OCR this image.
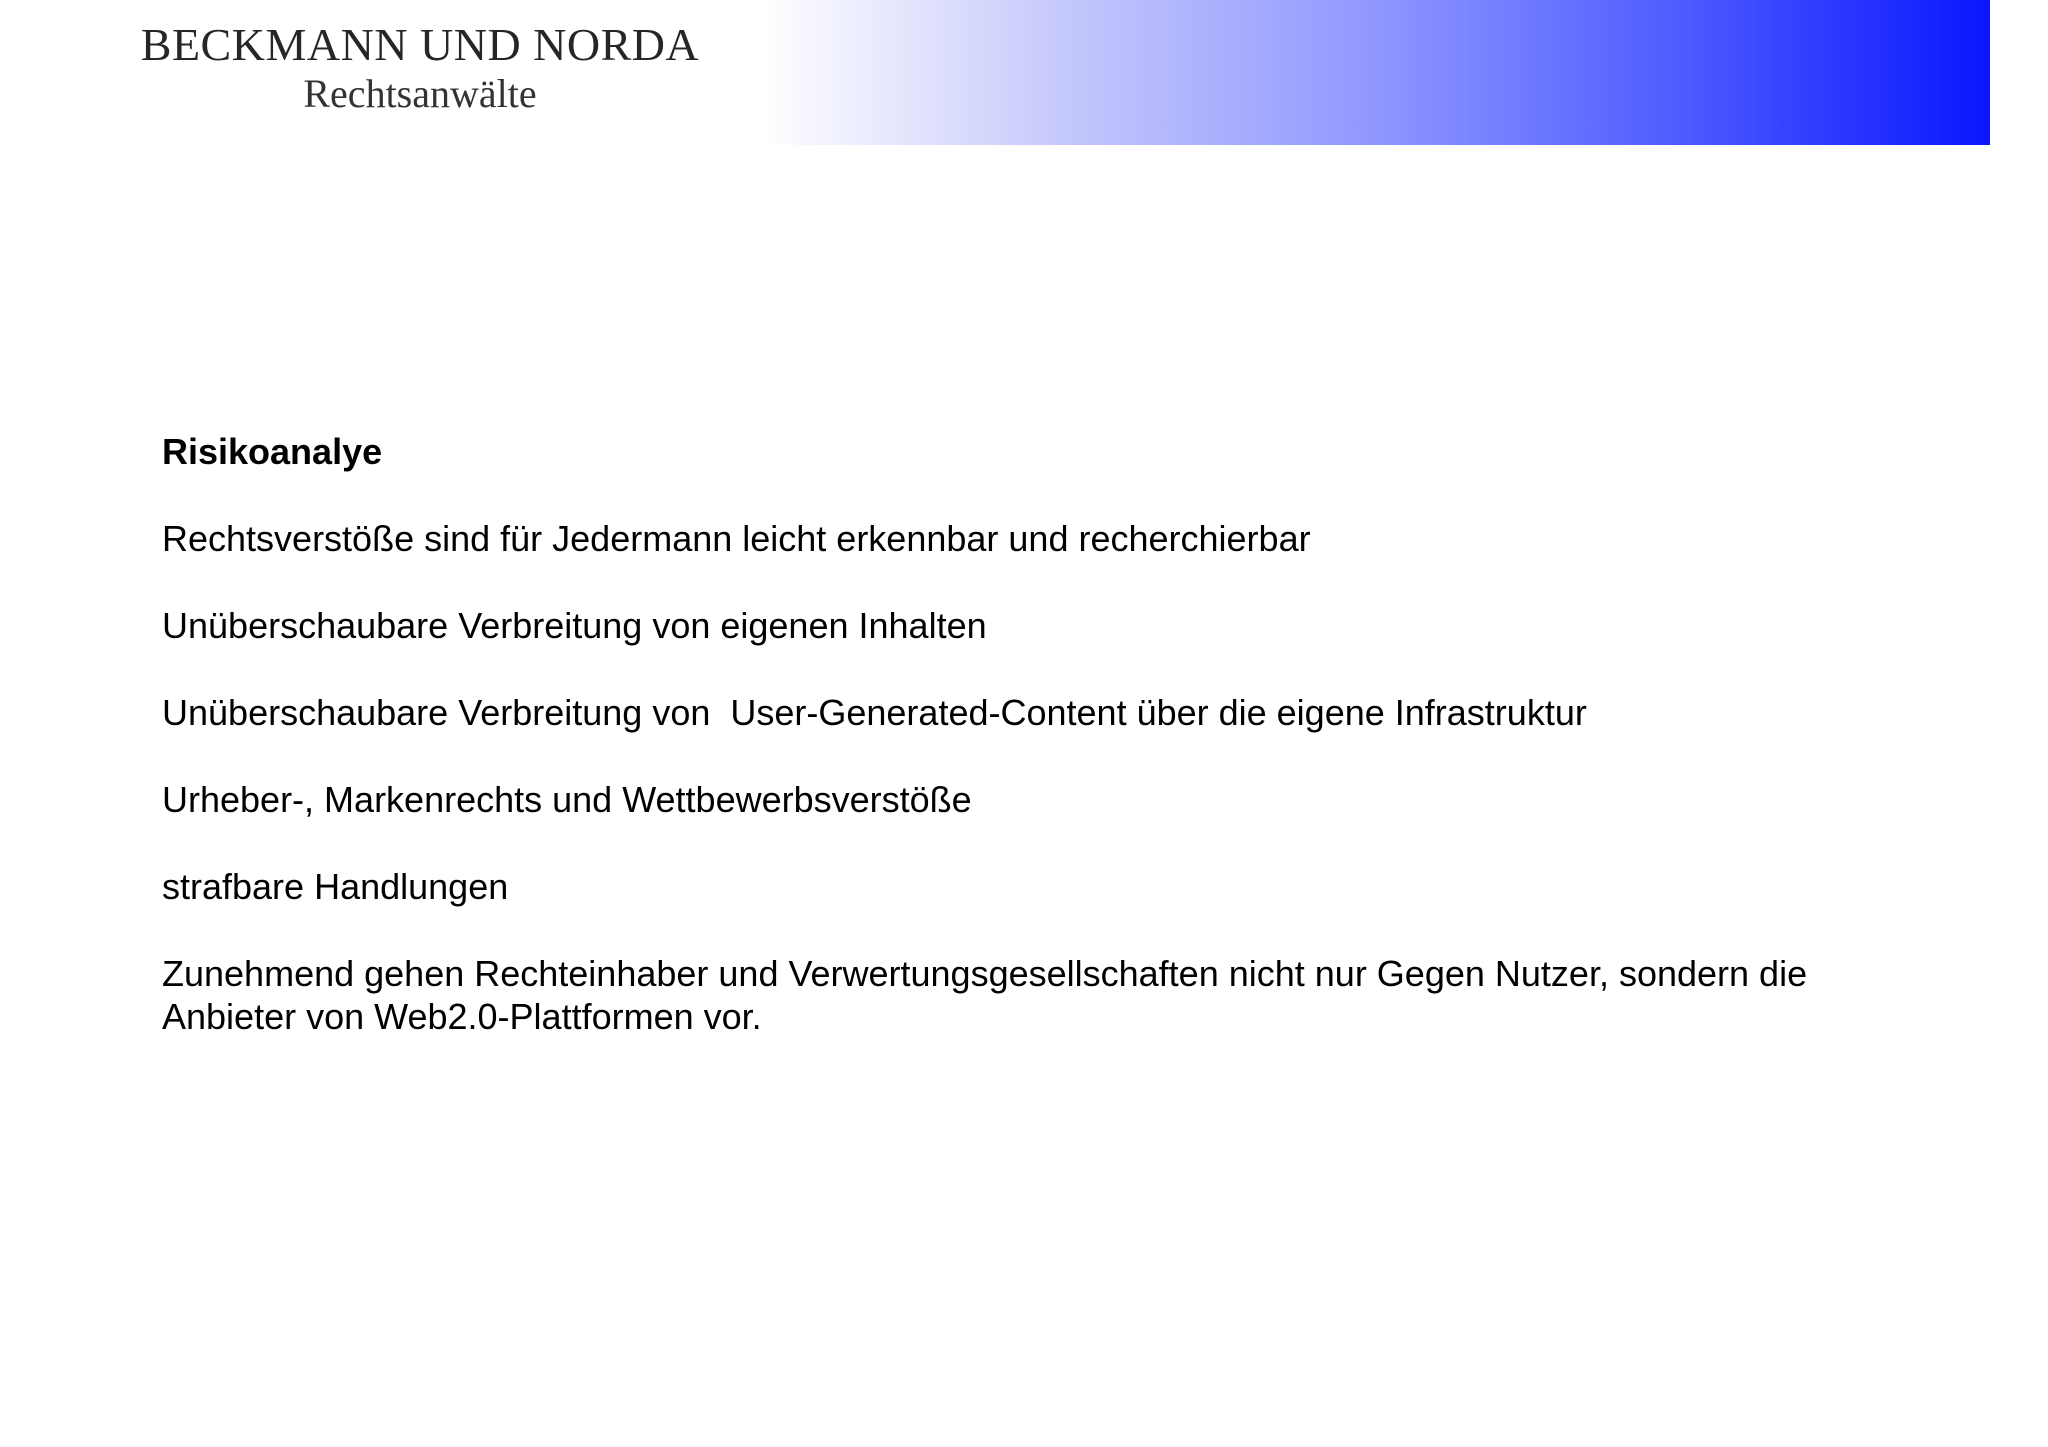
BECKMANN UND NORDA
Rechtsanwälte
Risikoanalye
Rechtsverstöße sind für Jedermann leicht erkennbar und recherchierbar
Unüberschaubare Verbreitung von eigenen Inhalten
Unüberschaubare Verbreitung von  User-Generated-Content über die eigene Infrastruktur
Urheber-, Markenrechts und Wettbewerbsverstöße
strafbare Handlungen
Zunehmend gehen Rechteinhaber und Verwertungsgesellschaften nicht nur Gegen Nutzer, sondern die Anbieter von Web2.0-Plattformen vor.
